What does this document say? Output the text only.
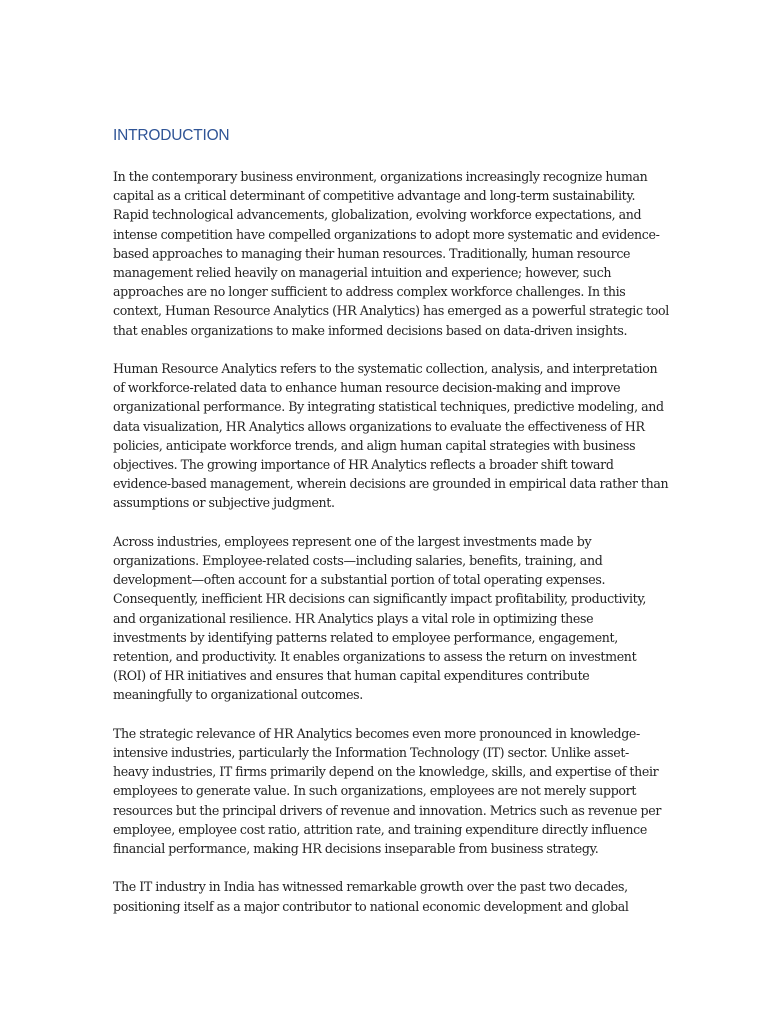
INTRODUCTION

In the contemporary business environment, organizations increasingly recognize human
capital as a critical determinant of competitive advantage and long-term sustainability.
Rapid technological advancements, globalization, evolving workforce expectations, and
intense competition have compelled organizations to adopt more systematic and evidence-
based approaches to managing their human resources. Traditionally, human resource
management relied heavily on managerial intuition and experience; however, such
approaches are no longer sufficient to address complex workforce challenges. In this
context, Human Resource Analytics (HR Analytics) has emerged as a powerful strategic tool
that enables organizations to make informed decisions based on data-driven insights.

Human Resource Analytics refers to the systematic collection, analysis, and interpretation
of workforce-related data to enhance human resource decision-making and improve
organizational performance. By integrating statistical techniques, predictive modeling, and
data visualization, HR Analytics allows organizations to evaluate the effectiveness of HR
policies, anticipate workforce trends, and align human capital strategies with business
objectives. The growing importance of HR Analytics reflects a broader shift toward
evidence-based management, wherein decisions are grounded in empirical data rather than
assumptions or subjective judgment.

Across industries, employees represent one of the largest investments made by
organizations. Employee-related costs—including salaries, benefits, training, and
development—often account for a substantial portion of total operating expenses.
Consequently, inefficient HR decisions can significantly impact profitability, productivity,
and organizational resilience. HR Analytics plays a vital role in optimizing these
investments by identifying patterns related to employee performance, engagement,
retention, and productivity. It enables organizations to assess the return on investment
(ROI) of HR initiatives and ensures that human capital expenditures contribute
meaningfully to organizational outcomes.

The strategic relevance of HR Analytics becomes even more pronounced in knowledge-
intensive industries, particularly the Information Technology (IT) sector. Unlike asset-
heavy industries, IT firms primarily depend on the knowledge, skills, and expertise of their
employees to generate value. In such organizations, employees are not merely support
resources but the principal drivers of revenue and innovation. Metrics such as revenue per
employee, employee cost ratio, attrition rate, and training expenditure directly influence
financial performance, making HR decisions inseparable from business strategy.

The IT industry in India has witnessed remarkable growth over the past two decades,
positioning itself as a major contributor to national economic development and global
